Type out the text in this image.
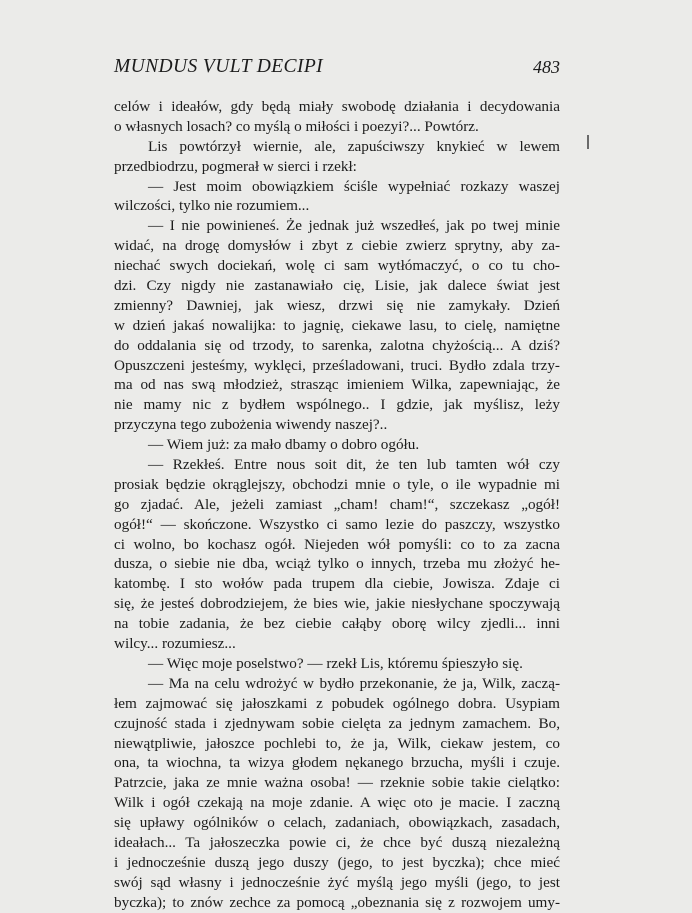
MUNDUS VULT DECIPI	483
celów i ideałów, gdy będą miały swobodę działania i decydowania
o własnych losach? co myślą o miłości i poezyi?... Powtórz.
Lis powtórzył wiernie, ale, zapuściwszy knykieć w lewem
przedbiodrzu, pogmerał w sierci i rzekł:
— Jest moim obowiązkiem ściśle wypełniać rozkazy waszej
wilczości, tylko nie rozumiem...
— I nie powinieneś. Że jednak już wszedłeś, jak po twej minie
widać, na drogę domysłów i zbyt z ciebie zwierz sprytny, aby za-
niechać swych dociekań, wolę ci sam wytłómaczyć, o co tu cho-
dzi. Czy nigdy nie zastanawiało cię, Lisie, jak dalece świat jest
zmienny? Dawniej, jak wiesz, drzwi się nie zamykały. Dzień
w dzień jakaś nowalijka: to jagnię, ciekawe lasu, to cielę, namiętne
do oddalania się od trzody, to sarenka, zalotna chyżością... A dziś?
Opuszczeni jesteśmy, wyklęci, prześladowani, truci. Bydło zdala trzy-
ma od nas swą młodzież, strasząc imieniem Wilka, zapewniając, że
nie mamy nic z bydłem wspólnego.. I gdzie, jak myślisz, leży
przyczyna tego zubożenia wiwendy naszej?..
— Wiem już: za mało dbamy o dobro ogółu.
— Rzekłeś. Entre nous soit dit, że ten lub tamten wół czy
prosiak będzie okrąglejszy, obchodzi mnie o tyle, o ile wypadnie mi
go zjadać. Ale, jeżeli zamiast „cham! cham!“, szczekasz „ogół!
ogół!“ — skończone. Wszystko ci samo lezie do paszczy, wszystko
ci wolno, bo kochasz ogół. Niejeden wół pomyśli: co to za zacna
dusza, o siebie nie dba, wciąż tylko o innych, trzeba mu złożyć he-
katombę. I sto wołów pada trupem dla ciebie, Jowisza. Zdaje ci
się, że jesteś dobrodziejem, że bies wie, jakie niesłychane spoczywają
na tobie zadania, że bez ciebie całąby oborę wilcy zjedli... inni
wilcy... rozumiesz...
— Więc moje poselstwo? — rzekł Lis, któremu śpieszyło się.
— Ma na celu wdrożyć w bydło przekonanie, że ja, Wilk, zaczą-
łem zajmować się jałoszkami z pobudek ogólnego dobra. Usypiam
czujność stada i zjednywam sobie cielęta za jednym zamachem. Bo,
niewątpliwie, jałoszce pochlebi to, że ja, Wilk, ciekaw jestem, co
ona, ta wiochna, ta wizya głodem nękanego brzucha, myśli i czuje.
Patrzcie, jaka ze mnie ważna osoba! — rzeknie sobie takie cielątko:
Wilk i ogół czekają na moje zdanie. A więc oto je macie. I zaczną
się upławy ogólników o celach, zadaniach, obowiązkach, zasadach,
ideałach... Ta jałoszeczka powie ci, że chce być duszą niezależną
i jednocześnie duszą jego duszy (jego, to jest byczka); chce mieć
swój sąd własny i jednocześnie żyć myślą jego myśli (jego, to jest
byczka); to znów zechce za pomocą „obeznania się z rozwojem umy-
